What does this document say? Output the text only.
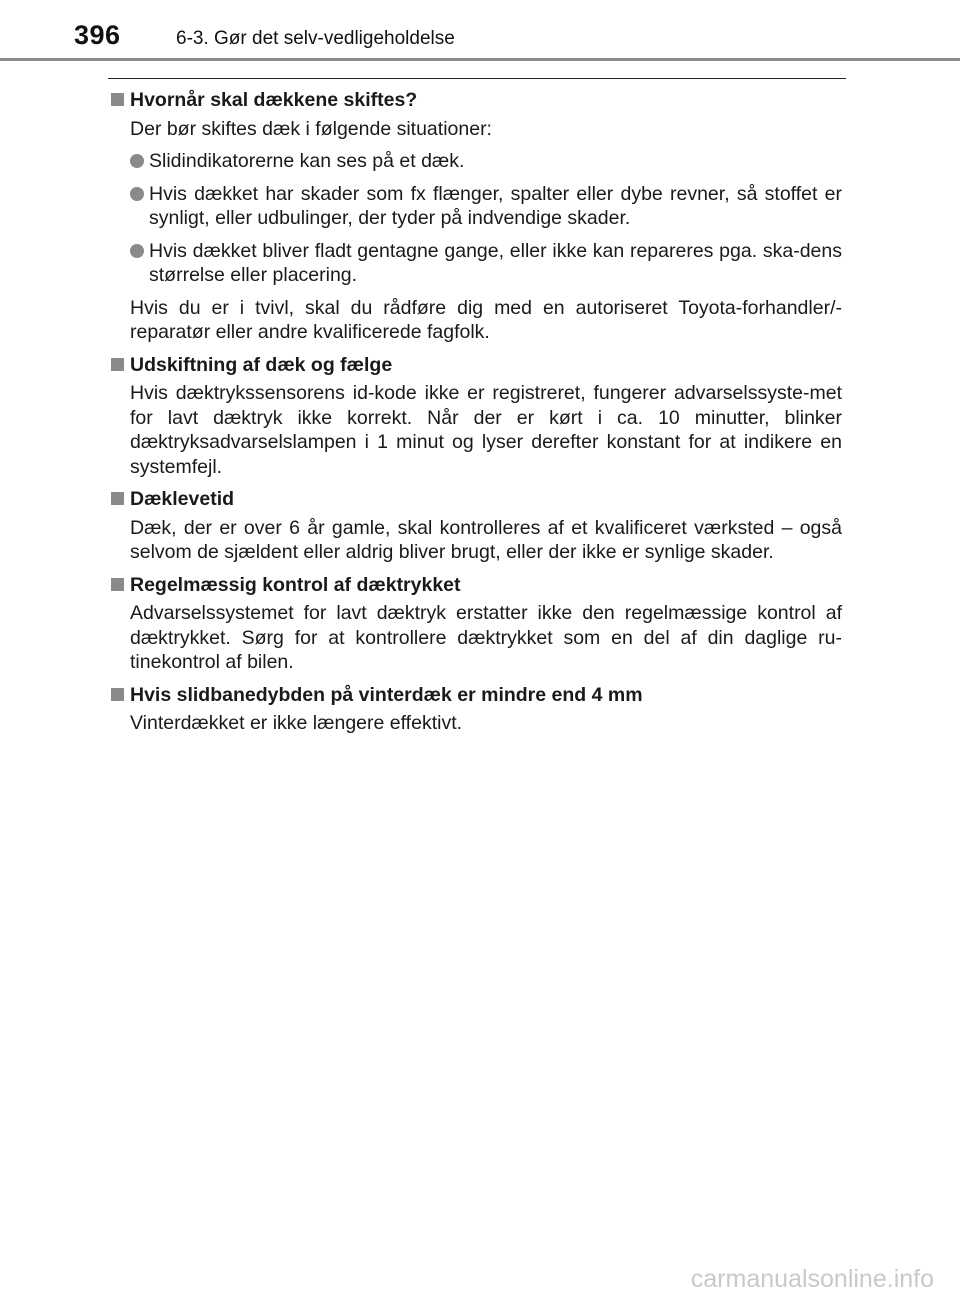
396	6-3. Gør det selv-vedligeholdelse
Hvornår skal dækkene skiftes?
Der bør skiftes dæk i følgende situationer:
Slidindikatorerne kan ses på et dæk.
Hvis dækket har skader som fx flænger, spalter eller dybe revner, så stoffet er synligt, eller udbulinger, der tyder på indvendige skader.
Hvis dækket bliver fladt gentagne gange, eller ikke kan repareres pga. ska-dens størrelse eller placering.
Hvis du er i tvivl, skal du rådføre dig med en autoriseret Toyota-forhandler/-reparatør eller andre kvalificerede fagfolk.
Udskiftning af dæk og fælge
Hvis dæktrykssensorens id-kode ikke er registreret, fungerer advarselssyste-met for lavt dæktryk ikke korrekt. Når der er kørt i ca. 10 minutter, blinker dæktryksadvarselslampen i 1 minut og lyser derefter konstant for at indikere en systemfejl.
Dæklevetid
Dæk, der er over 6 år gamle, skal kontrolleres af et kvalificeret værksted – også selvom de sjældent eller aldrig bliver brugt, eller der ikke er synlige skader.
Regelmæssig kontrol af dæktrykket
Advarselssystemet for lavt dæktryk erstatter ikke den regelmæssige kontrol af dæktrykket. Sørg for at kontrollere dæktrykket som en del af din daglige ru-tinekontrol af bilen.
Hvis slidbanedybden på vinterdæk er mindre end 4 mm
Vinterdækket er ikke længere effektivt.
carmanualsonline.info
